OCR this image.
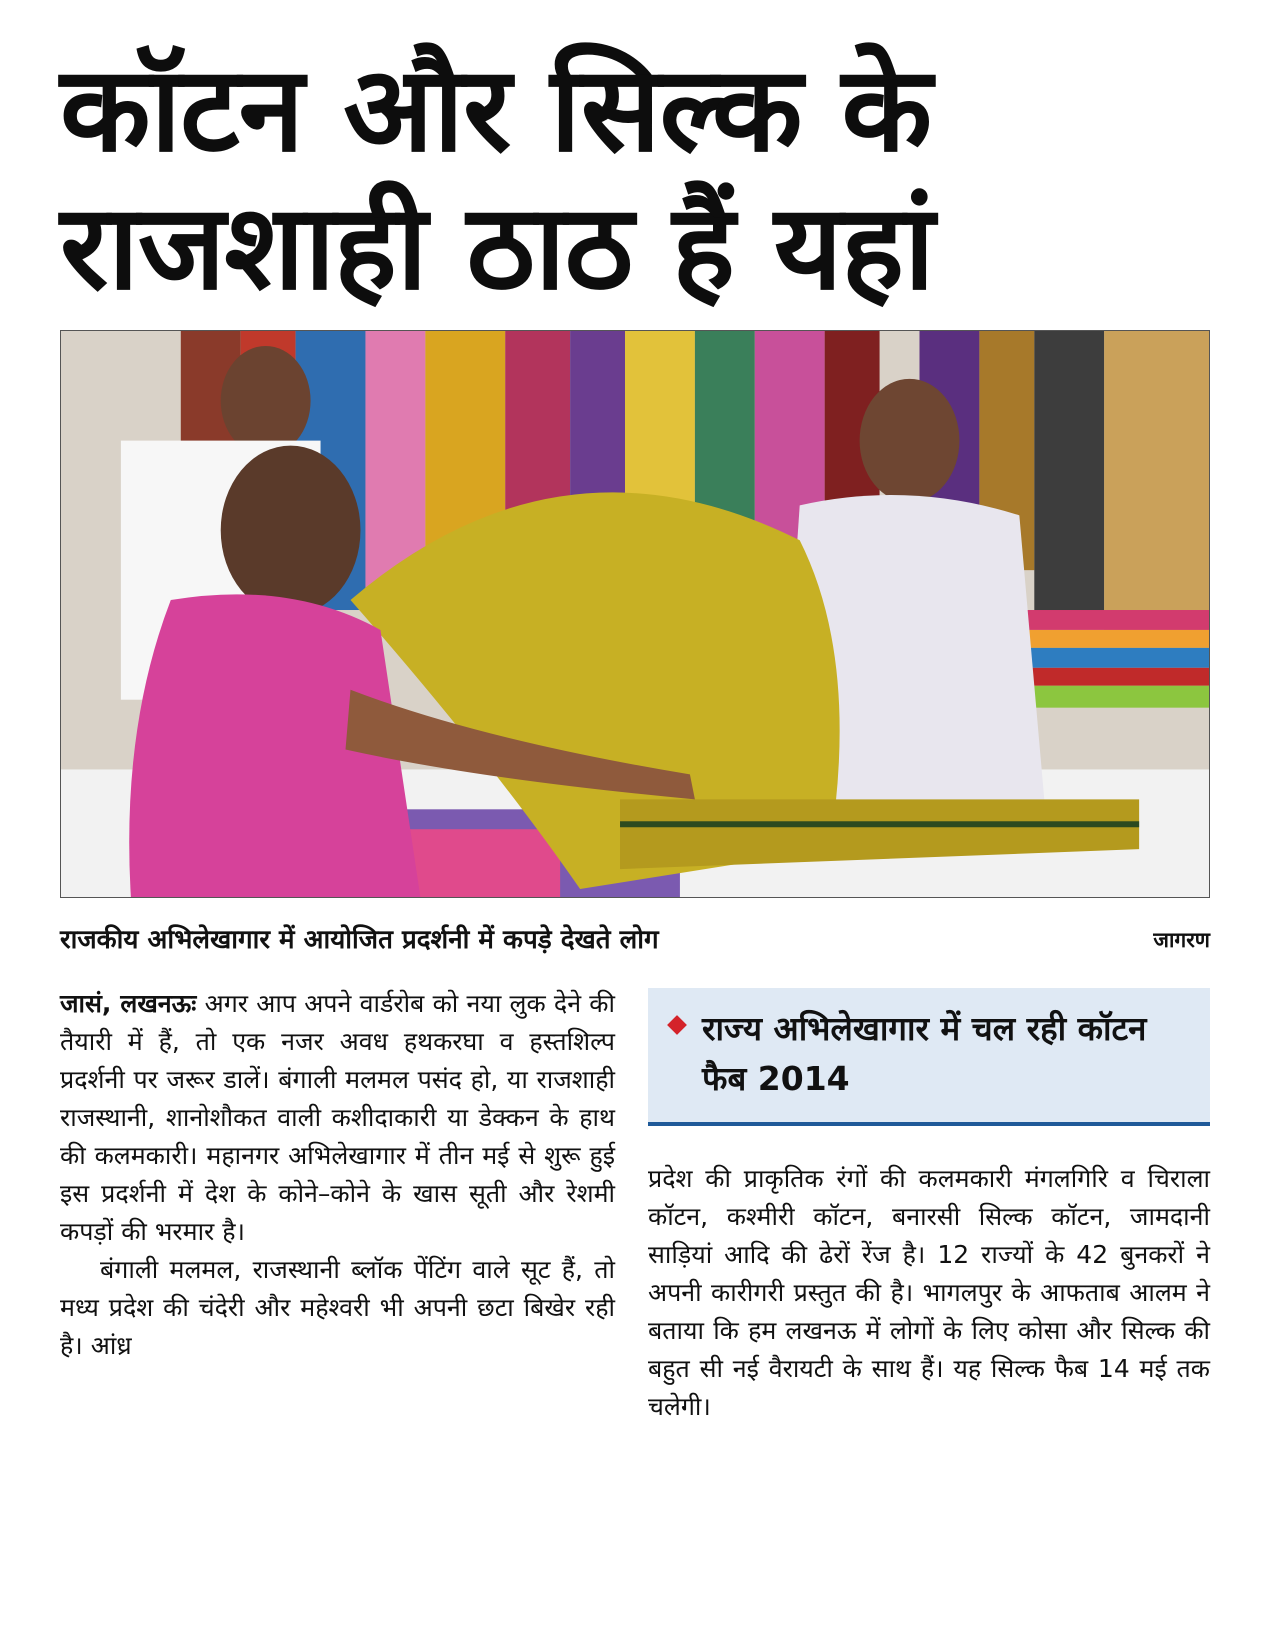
कॉटन और सिल्क के
राजशाही ठाठ हैं यहां
राजकीय अभिलेखागार में आयोजित प्रदर्शनी में कपड़े देखते लोग	जागरण

जासं, लखनऊः अगर आप अपने वार्डरोब को नया लुक देने की तैयारी में हैं, तो एक नजर अवध हथकरघा व हस्तशिल्प प्रदर्शनी पर जरूर डालें। बंगाली मलमल पसंद हो, या राजशाही राजस्थानी, शानोशौकत वाली कशीदाकारी या डेक्कन के हाथ की कलमकारी। महानगर अभिलेखागार में तीन मई से शुरू हुई इस प्रदर्शनी में देश के कोने–कोने के खास सूती और रेशमी कपड़ों की भरमार है।

बंगाली मलमल, राजस्थानी ब्लॉक पेंटिंग वाले सूट हैं, तो मध्य प्रदेश की चंदेरी और महेश्वरी भी अपनी छटा बिखेर रही है। आंध्र

राज्य अभिलेखागार में चल रही कॉटन फैब 2014

प्रदेश की प्राकृतिक रंगों की कलमकारी मंगलगिरि व चिराला कॉटन, कश्मीरी कॉटन, बनारसी सिल्क कॉटन, जामदानी साड़ियां आदि की ढेरों रेंज है। 12 राज्यों के 42 बुनकरों ने अपनी कारीगरी प्रस्तुत की है। भागलपुर के आफताब आलम ने बताया कि हम लखनऊ में लोगों के लिए कोसा और सिल्क की बहुत सी नई वैरायटी के साथ हैं। यह सिल्क फैब 14 मई तक चलेगी।
